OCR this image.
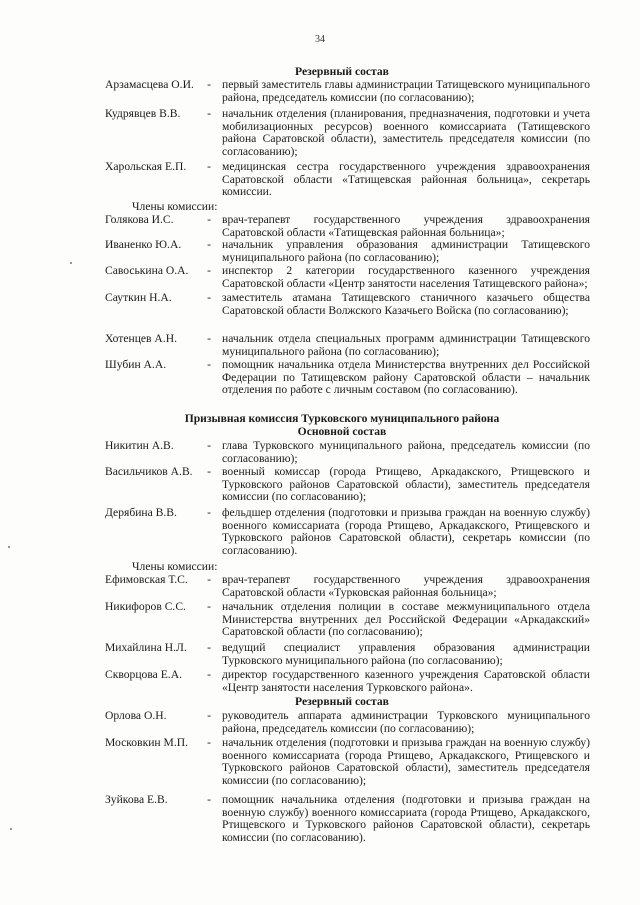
34
Резервный состав
Арзамасцева О.И.	- первый заместитель главы администрации Татищевского муниципального района, председатель комиссии (по согласованию);
Кудрявцев В.В.	- начальник отделения (планирования, предназначения, подготовки и учета мобилизационных ресурсов) военного комиссариата (Татищевского района Саратовской области), заместитель председателя комиссии (по согласованию);
Харольская Е.П.	- медицинская сестра государственного учреждения здравоохранения Саратовской области «Татищевская районная больница», секретарь комиссии.
Члены комиссии:
Голякова И.С.	- врач-терапевт государственного учреждения здравоохранения Саратовской области «Татищевская районная больница»;
Иваненко Ю.А.	- начальник управления образования администрации Татищевского муниципального района (по согласованию);
Савоськина О.А.	- инспектор 2 категории государственного казенного учреждения Саратовской области «Центр занятости населения Татищевского района»;
Сауткин Н.А.	- заместитель атамана Татищевского станичного казачьего общества Саратовской области Волжского Казачьего Войска (по согласованию);
Хотенцев А.Н.	- начальник отдела специальных программ администрации Татищевского муниципального района (по согласованию);
Шубин А.А.	- помощник начальника отдела Министерства внутренних дел Российской Федерации по Татищевском району Саратовской области – начальник отделения по работе с личным составом (по согласованию).
Призывная комиссия Турковского муниципального района
Основной состав
Никитин А.В.	- глава Турковского муниципального района, председатель комиссии (по согласованию);
Васильчиков А.В.	- военный комиссар (города Ртищево, Аркадакского, Ртищевского и Турковского районов Саратовской области), заместитель председателя комиссии (по согласованию);
Дерябина В.В.	- фельдшер отделения (подготовки и призыва граждан на военную службу) военного комиссариата (города Ртищево, Аркадакского, Ртищевского и Турковского районов Саратовской области), секретарь комиссии (по согласованию).
Члены комиссии:
Ефимовская Т.С.	- врач-терапевт государственного учреждения здравоохранения Саратовской области «Турковская районная больница»;
Никифоров С.С.	- начальник отделения полиции в составе межмуниципального отдела Министерства внутренних дел Российской Федерации «Аркадакский» Саратовской области (по согласованию);
Михайлина Н.Л.	- ведущий специалист управления образования администрации Турковского муниципального района (по согласованию);
Скворцова Е.А.	- директор государственного казенного учреждения Саратовской области «Центр занятости населения Турковского района».
Резервный состав
Орлова О.Н.	- руководитель аппарата администрации Турковского муниципального района, председатель комиссии (по согласованию);
Московкин М.П.	- начальник отделения (подготовки и призыва граждан на военную службу) военного комиссариата (города Ртищево, Аркадакского, Ртищевского и Турковского районов Саратовской области), заместитель председателя комиссии (по согласованию);
Зуйкова Е.В.	- помощник начальника отделения (подготовки и призыва граждан на военную службу) военного комиссариата (города Ртищево, Аркадакского, Ртищевского и Турковского районов Саратовской области), секретарь комиссии (по согласованию).
